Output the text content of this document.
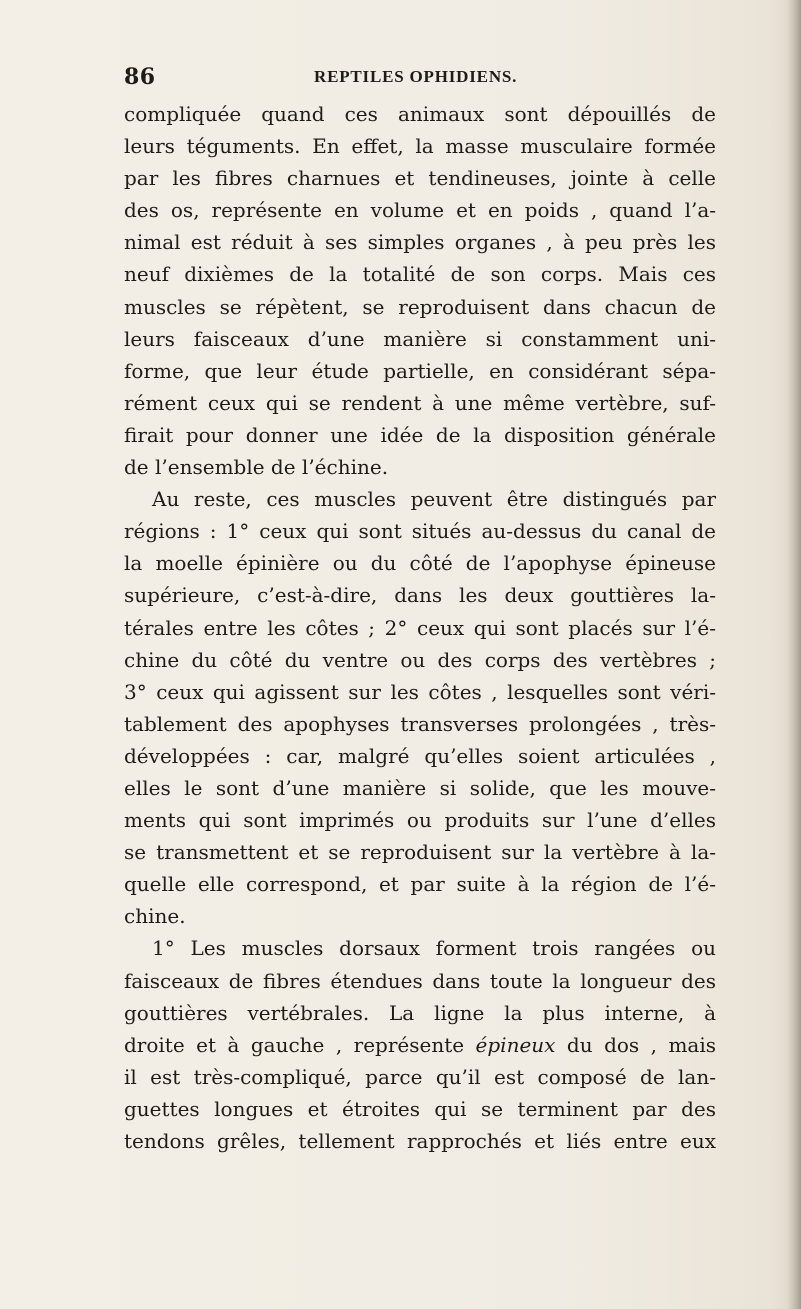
86	REPTILES OPHIDIENS.
compliquée quand ces animaux sont dépouillés de
leurs téguments. En effet, la masse musculaire formée
par les fibres charnues et tendineuses, jointe à celle
des os, représente en volume et en poids , quand l’a-
nimal est réduit à ses simples organes , à peu près les
neuf dixièmes de la totalité de son corps. Mais ces
muscles se répètent, se reproduisent dans chacun de
leurs faisceaux d’une manière si constamment uni-
forme, que leur étude partielle, en considérant sépa-
rément ceux qui se rendent à une même vertèbre, suf-
firait pour donner une idée de la disposition générale
de l’ensemble de l’échine.
Au reste, ces muscles peuvent être distingués par
régions : 1° ceux qui sont situés au-dessus du canal de
la moelle épinière ou du côté de l’apophyse épineuse
supérieure, c’est-à-dire, dans les deux gouttières la-
térales entre les côtes ; 2° ceux qui sont placés sur l’é-
chine du côté du ventre ou des corps des vertèbres ;
3° ceux qui agissent sur les côtes , lesquelles sont véri-
tablement des apophyses transverses prolongées , très-
développées : car, malgré qu’elles soient articulées ,
elles le sont d’une manière si solide, que les mouve-
ments qui sont imprimés ou produits sur l’une d’elles
se transmettent et se reproduisent sur la vertèbre à la-
quelle elle correspond, et par suite à la région de l’é-
chine.
1° Les muscles dorsaux forment trois rangées ou
faisceaux de fibres étendues dans toute la longueur des
gouttières vertébrales. La ligne la plus interne, à
droite et à gauche , représente épineux du dos , mais
il est très-compliqué, parce qu’il est composé de lan-
guettes longues et étroites qui se terminent par des
tendons grêles, tellement rapprochés et liés entre eux
